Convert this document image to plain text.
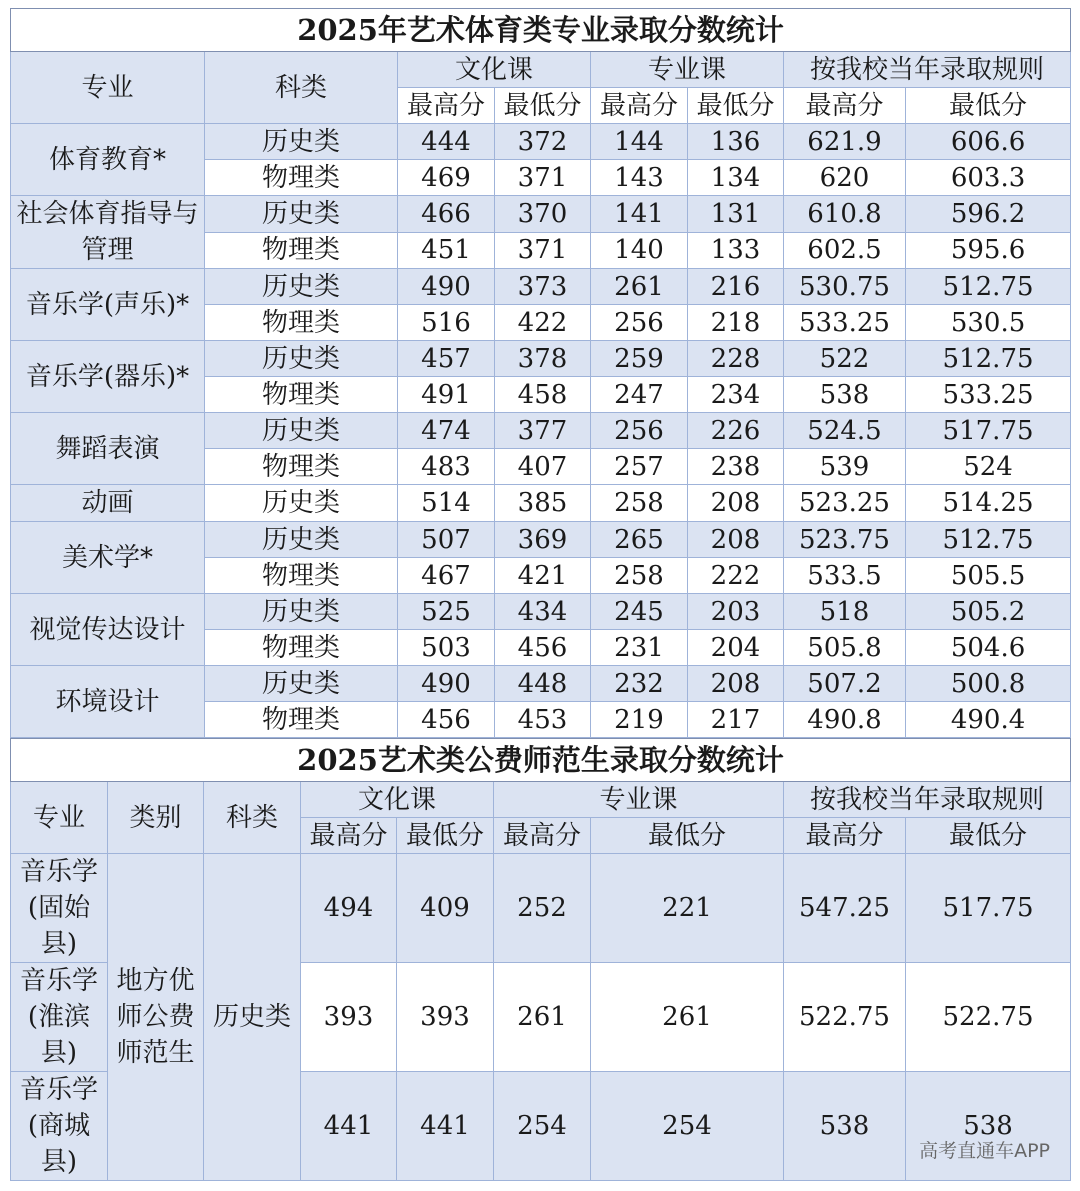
2025年艺术体育类专业录取分数统计							
专业	科类	文化课		专业课		按我校当年录取规则	
		最高分	最低分	最高分	最低分	最高分	最低分
体育教育*	历史类	444	372	144	136	621.9	606.6
	物理类	469	371	143	134	620	603.3
社会体育指导与管理	历史类	466	370	141	131	610.8	596.2
	物理类	451	371	140	133	602.5	595.6
音乐学(声乐)*	历史类	490	373	261	216	530.75	512.75
	物理类	516	422	256	218	533.25	530.5
音乐学(器乐)*	历史类	457	378	259	228	522	512.75
	物理类	491	458	247	234	538	533.25
舞蹈表演	历史类	474	377	256	226	524.5	517.75
	物理类	483	407	257	238	539	524
动画	历史类	514	385	258	208	523.25	514.25
美术学*	历史类	507	369	265	208	523.75	512.75
	物理类	467	421	258	222	533.5	505.5
视觉传达设计	历史类	525	434	245	203	518	505.2
	物理类	503	456	231	204	505.8	504.6
环境设计	历史类	490	448	232	208	507.2	500.8
	物理类	456	453	219	217	490.8	490.4
2025艺术类公费师范生录取分数统计								
专业	类别	科类	文化课		专业课		按我校当年录取规则	
			最高分	最低分	最高分	最低分	最高分	最低分
音乐学(固始县)	地方优师公费师范生	历史类	494	409	252	221	547.25	517.75
音乐学(淮滨县)			393	393	261	261	522.75	522.75
音乐学(商城县)			441	441	254	254	538	538
高考直通车APP
